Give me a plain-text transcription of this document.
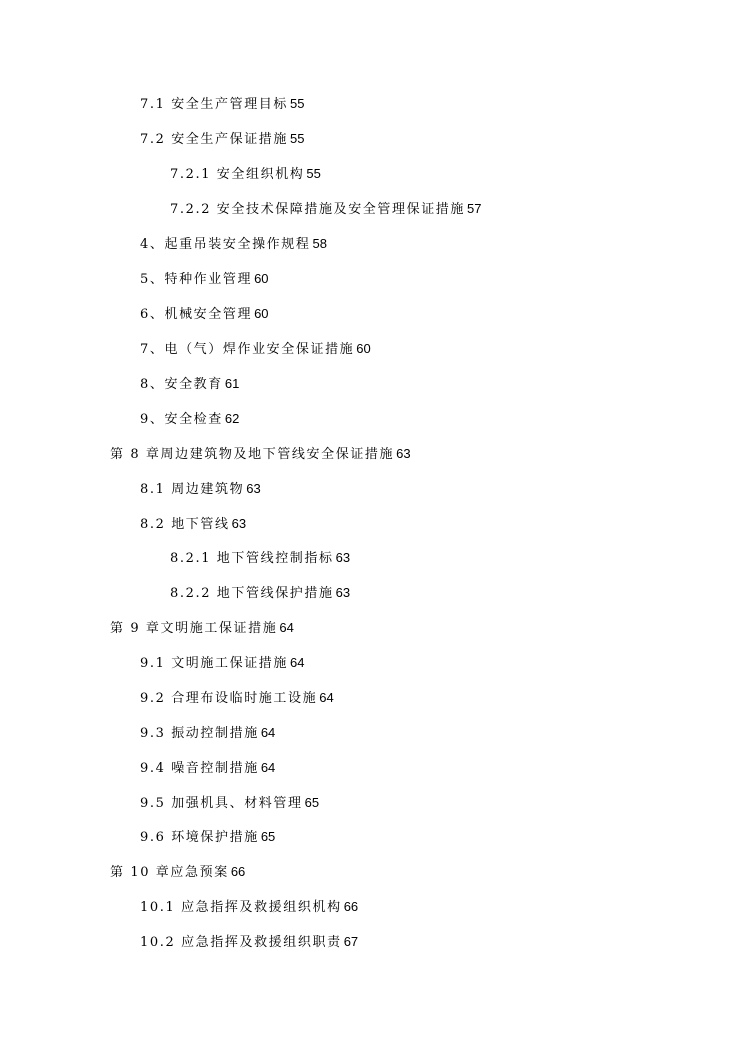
7.1 安全生产管理目标 55
7.2 安全生产保证措施 55
7.2.1 安全组织机构 55
7.2.2 安全技术保障措施及安全管理保证措施 57
4、起重吊装安全操作规程 58
5、特种作业管理 60
6、机械安全管理 60
7、电（气）焊作业安全保证措施 60
8、安全教育 61
9、安全检查 62
第 8 章周边建筑物及地下管线安全保证措施 63
8.1 周边建筑物 63
8.2 地下管线 63
8.2.1 地下管线控制指标 63
8.2.2 地下管线保护措施 63
第 9 章文明施工保证措施 64
9.1 文明施工保证措施 64
9.2 合理布设临时施工设施 64
9.3 振动控制措施 64
9.4 噪音控制措施 64
9.5 加强机具、材料管理 65
9.6 环境保护措施 65
第 10 章应急预案 66
10.1 应急指挥及救援组织机构 66
10.2 应急指挥及救援组织职责 67
